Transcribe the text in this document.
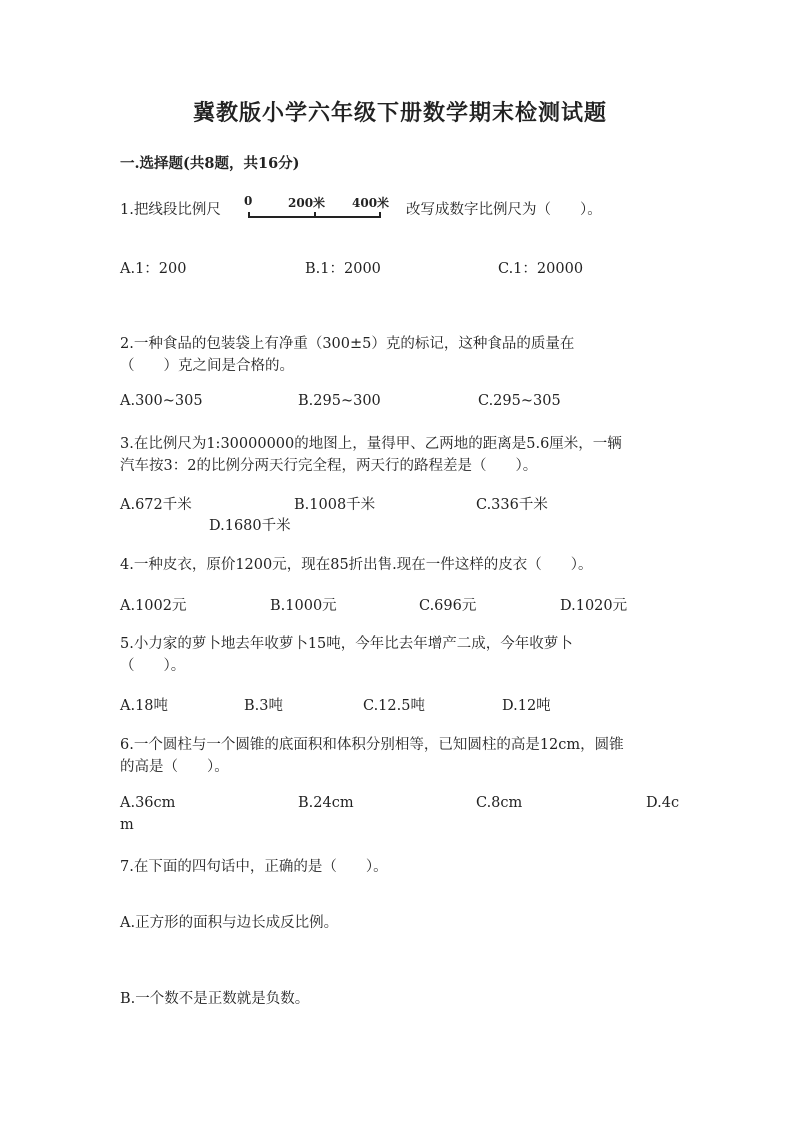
冀教版小学六年级下册数学期末检测试题
一.选择题(共8题，共16分)
1.把线段比例尺
0	200米 400米 改写成数字比例尺为（　　）。
A.1：200	B.1：2000	C.1：20000
2.一种食品的包装袋上有净重（300±5）克的标记，这种食品的质量在
（　　）克之间是合格的。
A.300~305	B.295~300	C.295~305
3.在比例尺为1:30000000的地图上，量得甲、乙两地的距离是5.6厘米，一辆
汽车按3：2的比例分两天行完全程，两天行的路程差是（　　）。
A.672千米	B.1008千米	C.336千米
D.1680千米
4.一种皮衣，原价1200元，现在85折出售.现在一件这样的皮衣（　　）。
A.1002元	B.1000元	C.696元	D.1020元
5.小力家的萝卜地去年收萝卜15吨，今年比去年增产二成，今年收萝卜
（　　）。
A.18吨	B.3吨	C.12.5吨	D.12吨
6.一个圆柱与一个圆锥的底面积和体积分别相等，已知圆柱的高是12cm，圆锥
的高是（　　）。
A.36cm	B.24cm	C.8cm	D.4c
m
7.在下面的四句话中，正确的是（　　）。
A.正方形的面积与边长成反比例。
B.一个数不是正数就是负数。
